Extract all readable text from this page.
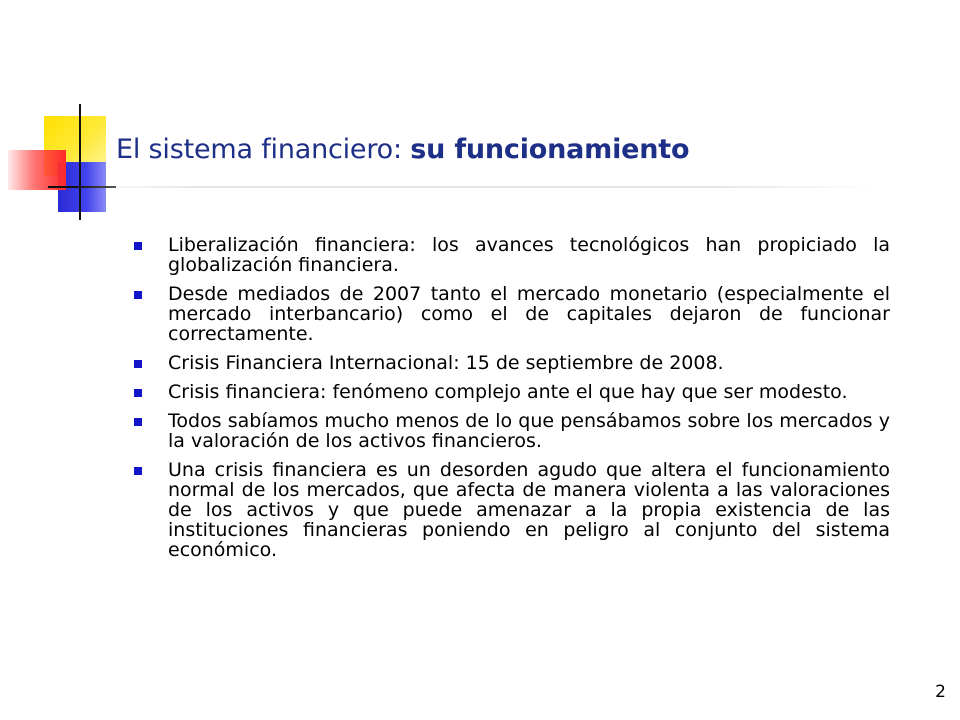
El sistema financiero: su funcionamiento
Liberalización financiera: los avances tecnológicos han propiciado la globalización financiera.
Desde mediados de 2007 tanto el mercado monetario (especialmente el mercado interbancario) como el de capitales dejaron de funcionar correctamente.
Crisis Financiera Internacional: 15 de septiembre de 2008.
Crisis financiera: fenómeno complejo ante el que hay que ser modesto.
Todos sabíamos mucho menos de lo que pensábamos sobre los mercados y la valoración de los activos financieros.
Una crisis financiera es un desorden agudo que altera el funcionamiento normal de los mercados, que afecta de manera violenta a las valoraciones de los activos y que puede amenazar a la propia existencia de las instituciones financieras poniendo en peligro al conjunto del sistema económico.
2
